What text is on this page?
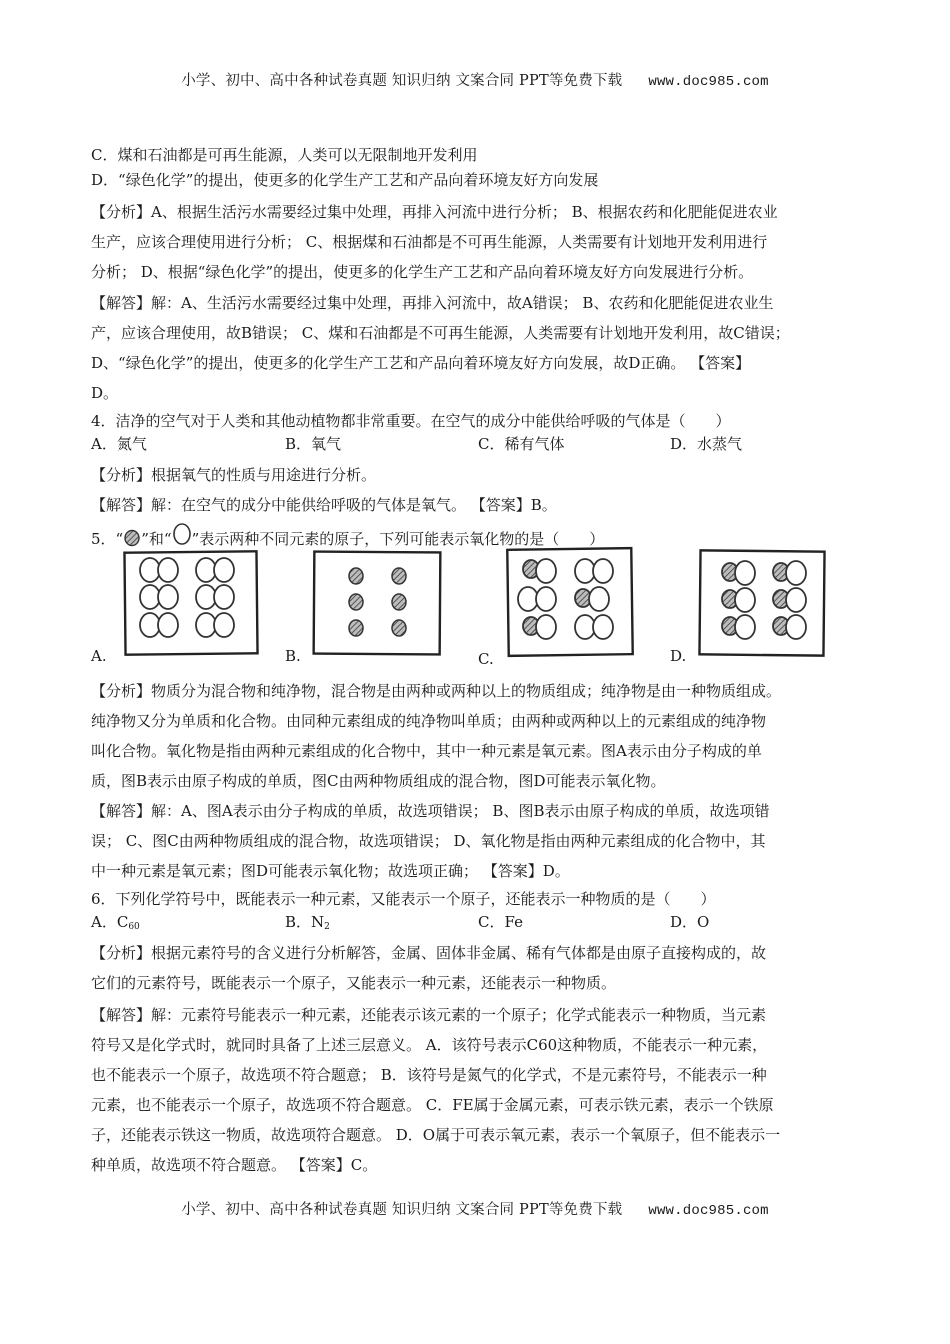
小学、初中、高中各种试卷真题 知识归纳 文案合同 PPT等免费下载 www.doc985.com
C．煤和石油都是可再生能源，人类可以无限制地开发利用
D．“绿色化学”的提出，使更多的化学生产工艺和产品向着环境友好方向发展
【分析】A、根据生活污水需要经过集中处理，再排入河流中进行分析； B、根据农药和化肥能促进农业
生产，应该合理使用进行分析； C、根据煤和石油都是不可再生能源，人类需要有计划地开发利用进行
分析； D、根据“绿色化学”的提出，使更多的化学生产工艺和产品向着环境友好方向发展进行分析。
【解答】解：A、生活污水需要经过集中处理，再排入河流中，故A错误； B、农药和化肥能促进农业生
产，应该合理使用，故B错误； C、煤和石油都是不可再生能源，人类需要有计划地开发利用，故C错误；
D、“绿色化学”的提出，使更多的化学生产工艺和产品向着环境友好方向发展，故D正确。 【答案】
D。
4．洁净的空气对于人类和其他动植物都非常重要。在空气的成分中能供给呼吸的气体是（　　）
A．氮气	B．氧气	C．稀有气体	D．水蒸气
【分析】根据氧气的性质与用途进行分析。
【解答】解：在空气的成分中能供给呼吸的气体是氧气。 【答案】B。
5．“ ”和“ ”表示两种不同元素的原子，下列可能表示氧化物的是（　　）
A.	B.	C.	D.
【分析】物质分为混合物和纯净物，混合物是由两种或两种以上的物质组成；纯净物是由一种物质组成。
纯净物又分为单质和化合物。由同种元素组成的纯净物叫单质；由两种或两种以上的元素组成的纯净物
叫化合物。氧化物是指由两种元素组成的化合物中，其中一种元素是氧元素。图A表示由分子构成的单
质，图B表示由原子构成的单质，图C由两种物质组成的混合物，图D可能表示氧化物。
【解答】解：A、图A表示由分子构成的单质，故选项错误； B、图B表示由原子构成的单质，故选项错
误； C、图C由两种物质组成的混合物，故选项错误； D、氧化物是指由两种元素组成的化合物中，其
中一种元素是氧元素；图D可能表示氧化物；故选项正确； 【答案】D。
6．下列化学符号中，既能表示一种元素，又能表示一个原子，还能表示一种物质的是（　　）
A．$C_{60}$	B．$N_2$	C．Fe	D．O
【分析】根据元素符号的含义进行分析解答，金属、固体非金属、稀有气体都是由原子直接构成的，故
它们的元素符号，既能表示一个原子，又能表示一种元素，还能表示一种物质。
【解答】解：元素符号能表示一种元素，还能表示该元素的一个原子；化学式能表示一种物质，当元素
符号又是化学式时，就同时具备了上述三层意义。 A．该符号表示C60这种物质，不能表示一种元素，
也不能表示一个原子，故选项不符合题意； B．该符号是氮气的化学式，不是元素符号，不能表示一种
元素，也不能表示一个原子，故选项不符合题意。 C．FE属于金属元素，可表示铁元素，表示一个铁原
子，还能表示铁这一物质，故选项符合题意。 D．O属于可表示氧元素，表示一个氧原子，但不能表示一
种单质，故选项不符合题意。 【答案】C。
小学、初中、高中各种试卷真题 知识归纳 文案合同 PPT等免费下载 www.doc985.com
